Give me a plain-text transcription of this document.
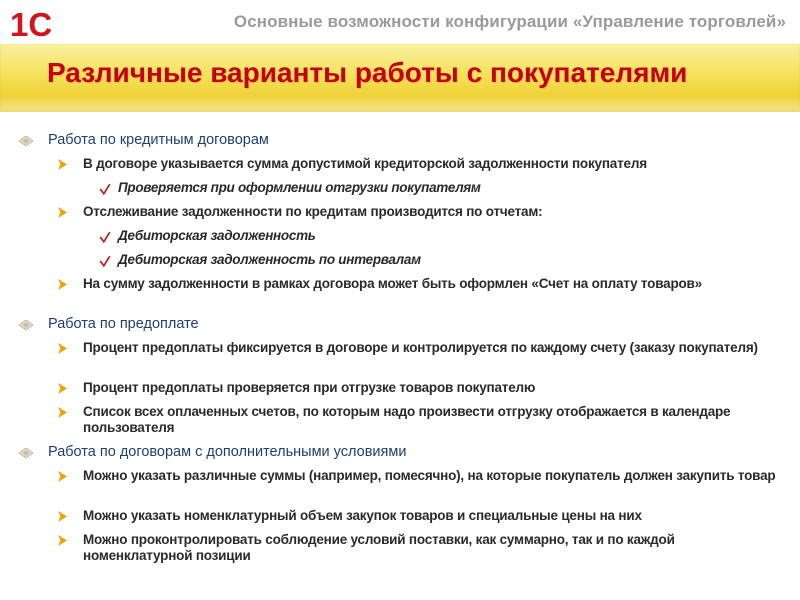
1С	Основные возможности конфигурации «Управление торговлей»
Различные варианты работы с покупателями
Работа по кредитным договорам
В договоре указывается сумма допустимой кредиторской задолженности покупателя
Проверяется при оформлении отгрузки покупателям
Отслеживание задолженности по кредитам производится по отчетам:
Дебиторская задолженность
Дебиторская задолженность по интервалам
На сумму задолженности в рамках договора может быть оформлен «Счет на оплату товаров»
Работа по предоплате
Процент предоплаты фиксируется в договоре и контролируется по каждому счету (заказу покупателя)
Процент предоплаты проверяется при отгрузке товаров покупателю
Список всех оплаченных счетов, по которым надо произвести отгрузку отображается в календаре пользователя
Работа по договорам с дополнительными условиями
Можно указать различные суммы (например, помесячно), на которые покупатель должен закупить товар
Можно указать номенклатурный объем закупок товаров и специальные цены на них
Можно проконтролировать соблюдение условий поставки, как суммарно, так и по каждой номенклатурной позиции
